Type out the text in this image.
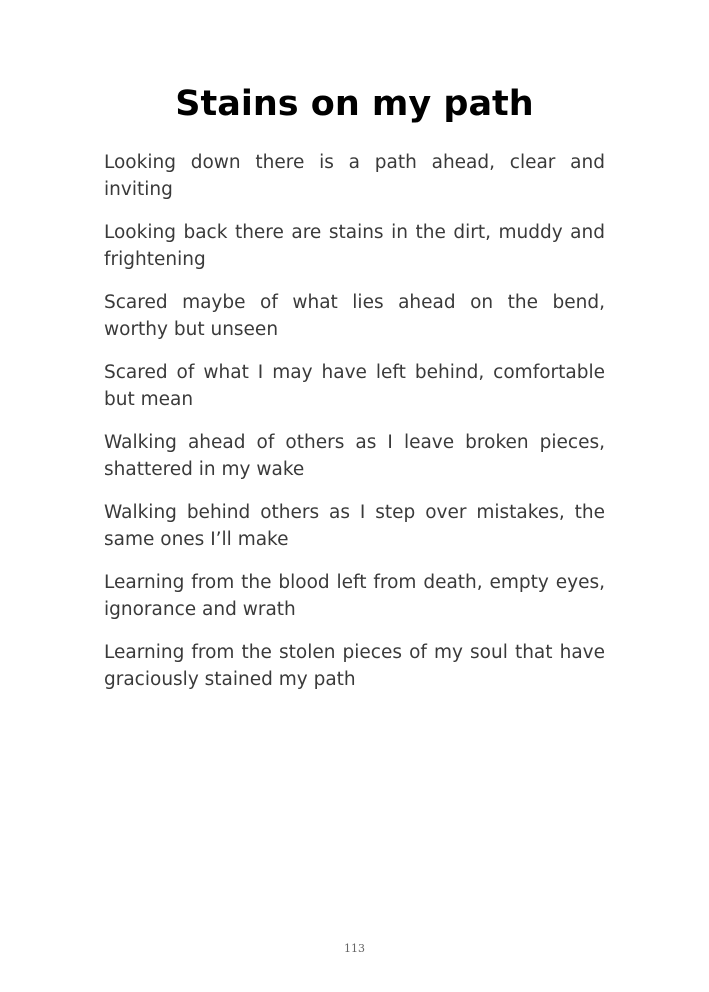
Stains on my path

Looking down there is a path ahead, clear and inviting

Looking back there are stains in the dirt, muddy and frightening

Scared maybe of what lies ahead on the bend, worthy but unseen

Scared of what I may have left behind, comfortable but mean

Walking ahead of others as I leave broken pieces, shattered in my wake

Walking behind others as I step over mistakes, the same ones I’ll make

Learning from the blood left from death, empty eyes, ignorance and wrath

Learning from the stolen pieces of my soul that have graciously stained my path

113
